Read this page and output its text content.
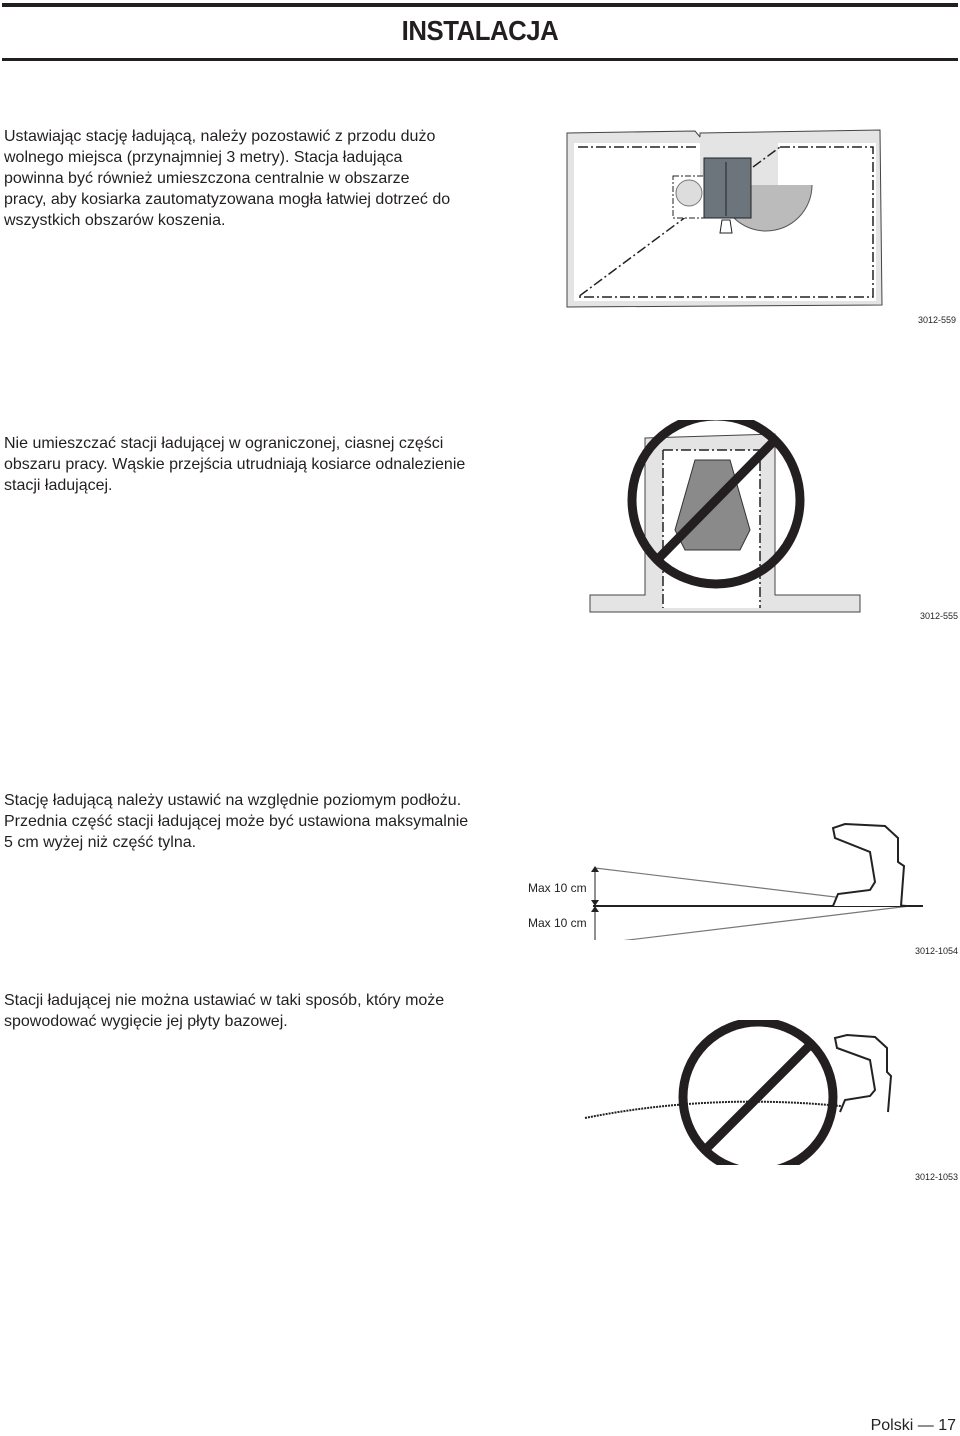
INSTALACJA

Ustawiając stację ładującą, należy pozostawić z przodu dużo wolnego miejsca (przynajmniej 3 metry). Stacja ładująca powinna być również umieszczona centralnie w obszarze pracy, aby kosiarka zautomatyzowana mogła łatwiej dotrzeć do wszystkich obszarów koszenia.

3012-559

Nie umieszczać stacji ładującej w ograniczonej, ciasnej części obszaru pracy. Wąskie przejścia utrudniają kosiarce odnalezienie stacji ładującej.

3012-555

Stację ładującą należy ustawić na względnie poziomym podłożu. Przednia część stacji ładującej może być ustawiona maksymalnie 5 cm wyżej niż część tylna.

Max 10 cm
Max 10 cm
3012-1054

Stacji ładującej nie można ustawiać w taki sposób, który może spowodować wygięcie jej płyty bazowej.

3012-1053
Polski — 17
